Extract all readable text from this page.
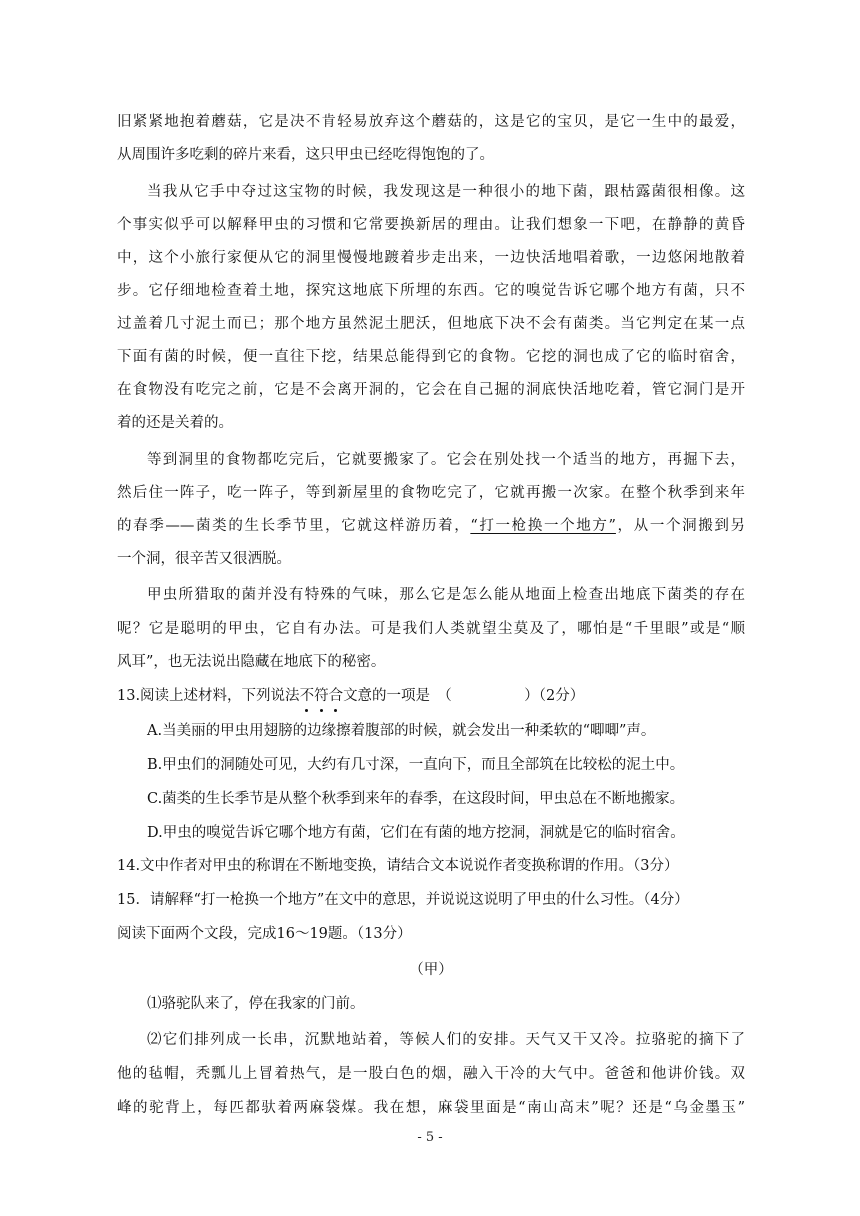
旧紧紧地抱着蘑菇，它是决不肯轻易放弃这个蘑菇的，这是它的宝贝，是它一生中的最爱，
从周围许多吃剩的碎片来看，这只甲虫已经吃得饱饱的了。
当我从它手中夺过这宝物的时候，我发现这是一种很小的地下菌，跟枯露菌很相像。这
个事实似乎可以解释甲虫的习惯和它常要换新居的理由。让我们想象一下吧，在静静的黄昏
中，这个小旅行家便从它的洞里慢慢地踱着步走出来，一边快活地唱着歌，一边悠闲地散着
步。它仔细地检查着土地，探究这地底下所埋的东西。它的嗅觉告诉它哪个地方有菌，只不
过盖着几寸泥土而已；那个地方虽然泥土肥沃，但地底下决不会有菌类。当它判定在某一点
下面有菌的时候，便一直往下挖，结果总能得到它的食物。它挖的洞也成了它的临时宿舍，
在食物没有吃完之前，它是不会离开洞的，它会在自己掘的洞底快活地吃着，管它洞门是开
着的还是关着的。
等到洞里的食物都吃完后，它就要搬家了。它会在别处找一个适当的地方，再掘下去，
然后住一阵子，吃一阵子，等到新屋里的食物吃完了，它就再搬一次家。在整个秋季到来年
的春季——菌类的生长季节里，它就这样游历着，“打一枪换一个地方”，从一个洞搬到另
一个洞，很辛苦又很洒脱。
甲虫所猎取的菌并没有特殊的气味，那么它是怎么能从地面上检查出地底下菌类的存在
呢？它是聪明的甲虫，它自有办法。可是我们人类就望尘莫及了，哪怕是“千里眼”或是“顺
风耳”，也无法说出隐藏在地底下的秘密。
13.阅读上述材料，下列说法不符合文意的一项是　（　　　　　）（2分）
A.当美丽的甲虫用翅膀的边缘擦着腹部的时候，就会发出一种柔软的“唧唧”声。
B.甲虫们的洞随处可见，大约有几寸深，一直向下，而且全部筑在比较松的泥土中。
C.菌类的生长季节是从整个秋季到来年的春季，在这段时间，甲虫总在不断地搬家。
D.甲虫的嗅觉告诉它哪个地方有菌，它们在有菌的地方挖洞，洞就是它的临时宿舍。
14.文中作者对甲虫的称谓在不断地变换，请结合文本说说作者变换称谓的作用。（3分）
15．请解释“打一枪换一个地方”在文中的意思，并说说这说明了甲虫的什么习性。（4分）
阅读下面两个文段，完成16～19题。（13分）
（甲）
⑴骆驼队来了，停在我家的门前。
⑵它们排列成一长串，沉默地站着，等候人们的安排。天气又干又冷。拉骆驼的摘下了
他的毡帽，秃瓢儿上冒着热气，是一股白色的烟，融入干冷的大气中。爸爸和他讲价钱。双
峰的驼背上，每匹都驮着两麻袋煤。我在想，麻袋里面是“南山高末”呢？还是“乌金墨玉”
- 5 -
